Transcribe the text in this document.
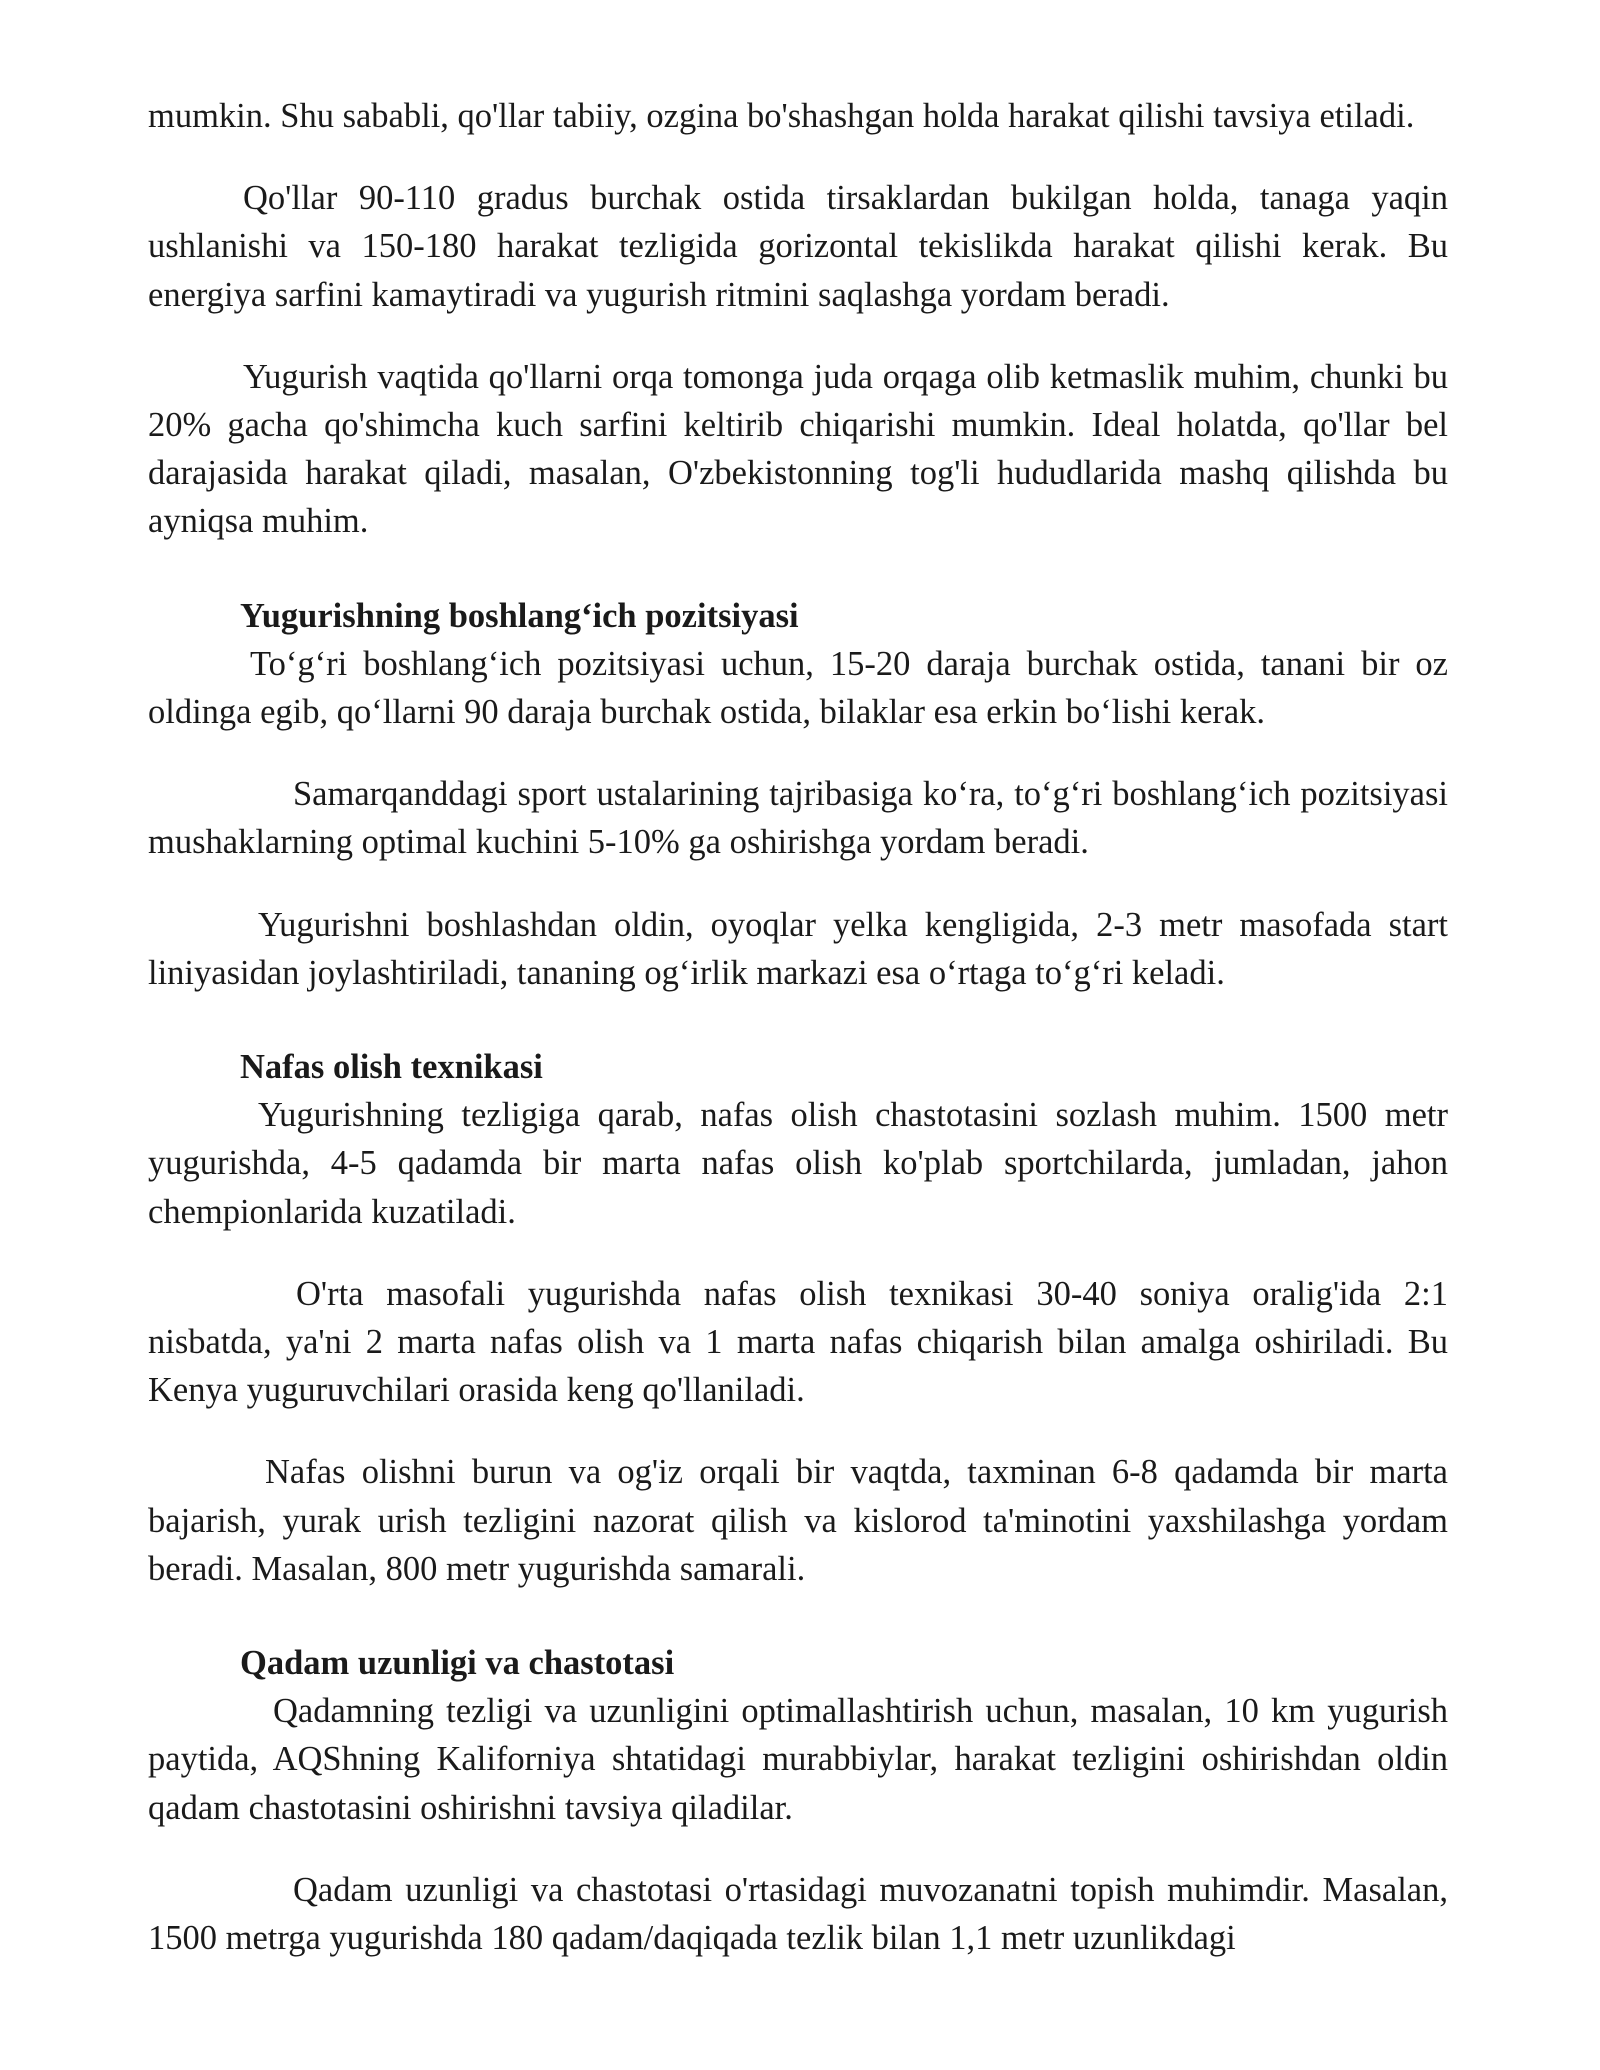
mumkin. Shu sababli, qo'llar tabiiy, ozgina bo'shashgan holda harakat qilishi tavsiya etiladi.

Qo'llar 90-110 gradus burchak ostida tirsaklardan bukilgan holda, tanaga yaqin ushlanishi va 150-180 harakat tezligida gorizontal tekislikda harakat qilishi kerak. Bu energiya sarfini kamaytiradi va yugurish ritmini saqlashga yordam beradi.

Yugurish vaqtida qo'llarni orqa tomonga juda orqaga olib ketmaslik muhim, chunki bu 20% gacha qo'shimcha kuch sarfini keltirib chiqarishi mumkin. Ideal holatda, qo'llar bel darajasida harakat qiladi, masalan, O'zbekistonning tog'li hududlarida mashq qilishda bu ayniqsa muhim.

Yugurishning boshlang‘ich pozitsiyasi

To‘g‘ri boshlang‘ich pozitsiyasi uchun, 15-20 daraja burchak ostida, tanani bir oz oldinga egib, qo‘llarni 90 daraja burchak ostida, bilaklar esa erkin bo‘lishi kerak.

Samarqanddagi sport ustalarining tajribasiga ko‘ra, to‘g‘ri boshlang‘ich pozitsiyasi mushaklarning optimal kuchini 5-10% ga oshirishga yordam beradi.

Yugurishni boshlashdan oldin, oyoqlar yelka kengligida, 2-3 metr masofada start liniyasidan joylashtiriladi, tananing og‘irlik markazi esa o‘rtaga to‘g‘ri keladi.

Nafas olish texnikasi

Yugurishning tezligiga qarab, nafas olish chastotasini sozlash muhim. 1500 metr yugurishda, 4-5 qadamda bir marta nafas olish ko'plab sportchilarda, jumladan, jahon chempionlarida kuzatiladi.

O'rta masofali yugurishda nafas olish texnikasi 30-40 soniya oralig'ida 2:1 nisbatda, ya'ni 2 marta nafas olish va 1 marta nafas chiqarish bilan amalga oshiriladi. Bu Kenya yuguruvchilari orasida keng qo'llaniladi.

Nafas olishni burun va og'iz orqali bir vaqtda, taxminan 6-8 qadamda bir marta bajarish, yurak urish tezligini nazorat qilish va kislorod ta'minotini yaxshilashga yordam beradi. Masalan, 800 metr yugurishda samarali.

Qadam uzunligi va chastotasi

Qadamning tezligi va uzunligini optimallashtirish uchun, masalan, 10 km yugurish paytida, AQShning Kaliforniya shtatidagi murabbiylar, harakat tezligini oshirishdan oldin qadam chastotasini oshirishni tavsiya qiladilar.

Qadam uzunligi va chastotasi o'rtasidagi muvozanatni topish muhimdir. Masalan, 1500 metrga yugurishda 180 qadam/daqiqada tezlik bilan 1,1 metr uzunlikdagi
